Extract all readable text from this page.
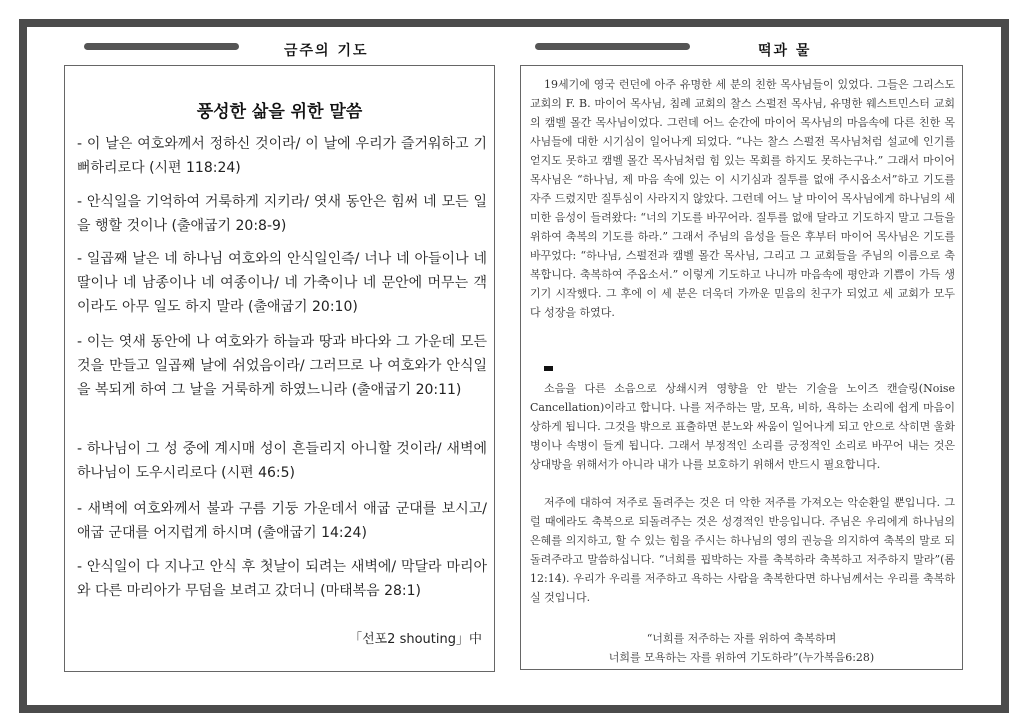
금주의 기도	떡과 물
풍성한 삶을 위한 말씀
- 이 날은 여호와께서 정하신 것이라/ 이 날에 우리가 즐거워하고 기뻐하리로다 (시편 118:24)
- 안식일을 기억하여 거룩하게 지키라/ 엿새 동안은 힘써 네 모든 일을 행할 것이나 (출애굽기 20:8-9)
- 일곱째 날은 네 하나님 여호와의 안식일인즉/ 너나 네 아들이나 네 딸이나 네 남종이나 네 여종이나/ 네 가축이나 네 문안에 머무는 객이라도 아무 일도 하지 말라 (출애굽기 20:10)
- 이는 엿새 동안에 나 여호와가 하늘과 땅과 바다와 그 가운데 모든 것을 만들고 일곱째 날에 쉬었음이라/ 그러므로 나 여호와가 안식일을 복되게 하여 그 날을 거룩하게 하였느니라 (출애굽기 20:11)
- 하나님이 그 성 중에 계시매 성이 흔들리지 아니할 것이라/ 새벽에 하나님이 도우시리로다 (시편 46:5)
- 새벽에 여호와께서 불과 구름 기둥 가운데서 애굽 군대를 보시고/ 애굽 군대를 어지럽게 하시며 (출애굽기 14:24)
- 안식일이 다 지나고 안식 후 첫날이 되려는 새벽에/ 막달라 마리아와 다른 마리아가 무덤을 보려고 갔더니 (마태복음 28:1)
「선포2 shouting」中
19세기에 영국 런던에 아주 유명한 세 분의 친한 목사님들이 있었다. 그들은 그리스도 교회의 F. B. 마이어 목사님, 침례 교회의 찰스 스펄전 목사님, 유명한 웨스트민스터 교회의 캠벨 몰간 목사님이었다. 그런데 어느 순간에 마이어 목사님의 마음속에 다른 친한 목사님들에 대한 시기심이 일어나게 되었다. “나는 찰스 스펄전 목사님처럼 설교에 인기를 얻지도 못하고 캠벨 몰간 목사님처럼 힘 있는 목회를 하지도 못하는구나.” 그래서 마이어 목사님은 “하나님, 제 마음 속에 있는 이 시기심과 질투를 없애 주시옵소서”하고 기도를 자주 드렸지만 질투심이 사라지지 않았다. 그런데 어느 날 마이어 목사님에게 하나님의 세미한 음성이 들려왔다: “너의 기도를 바꾸어라. 질투를 없애 달라고 기도하지 말고 그들을 위하여 축복의 기도를 하라.” 그래서 주님의 음성을 들은 후부터 마이어 목사님은 기도를 바꾸었다: “하나님, 스펄전과 캠벨 몰간 목사님, 그리고 그 교회들을 주님의 이름으로 축복합니다. 축복하여 주옵소서.” 이렇게 기도하고 나니까 마음속에 평안과 기쁨이 가득 생기기 시작했다. 그 후에 이 세 분은 더욱더 가까운 믿음의 친구가 되었고 세 교회가 모두 다 성장을 하였다.
소음을 다른 소음으로 상쇄시켜 영향을 안 받는 기술을 노이즈 캔슬링(Noise Cancellation)이라고 합니다. 나를 저주하는 말, 모욕, 비하, 욕하는 소리에 쉽게 마음이 상하게 됩니다. 그것을 밖으로 표출하면 분노와 싸움이 일어나게 되고 안으로 삭히면 울화병이나 속병이 들게 됩니다. 그래서 부정적인 소리를 긍정적인 소리로 바꾸어 내는 것은 상대방을 위해서가 아니라 내가 나를 보호하기 위해서 반드시 필요합니다.
저주에 대하여 저주로 돌려주는 것은 더 악한 저주를 가져오는 악순환일 뿐입니다. 그럴 때에라도 축복으로 되돌려주는 것은 성경적인 반응입니다. 주님은 우리에게 하나님의 은혜를 의지하고, 할 수 있는 힘을 주시는 하나님의 영의 권능을 의지하여 축복의 말로 되돌려주라고 말씀하십니다. “너희를 핍박하는 자를 축복하라 축복하고 저주하지 말라”(롬 12:14). 우리가 우리를 저주하고 욕하는 사람을 축복한다면 하나님께서는 우리를 축복하실 것입니다.
“너희를 저주하는 자를 위하여 축복하며
너희를 모욕하는 자를 위하여 기도하라”(누가복음6:28)
